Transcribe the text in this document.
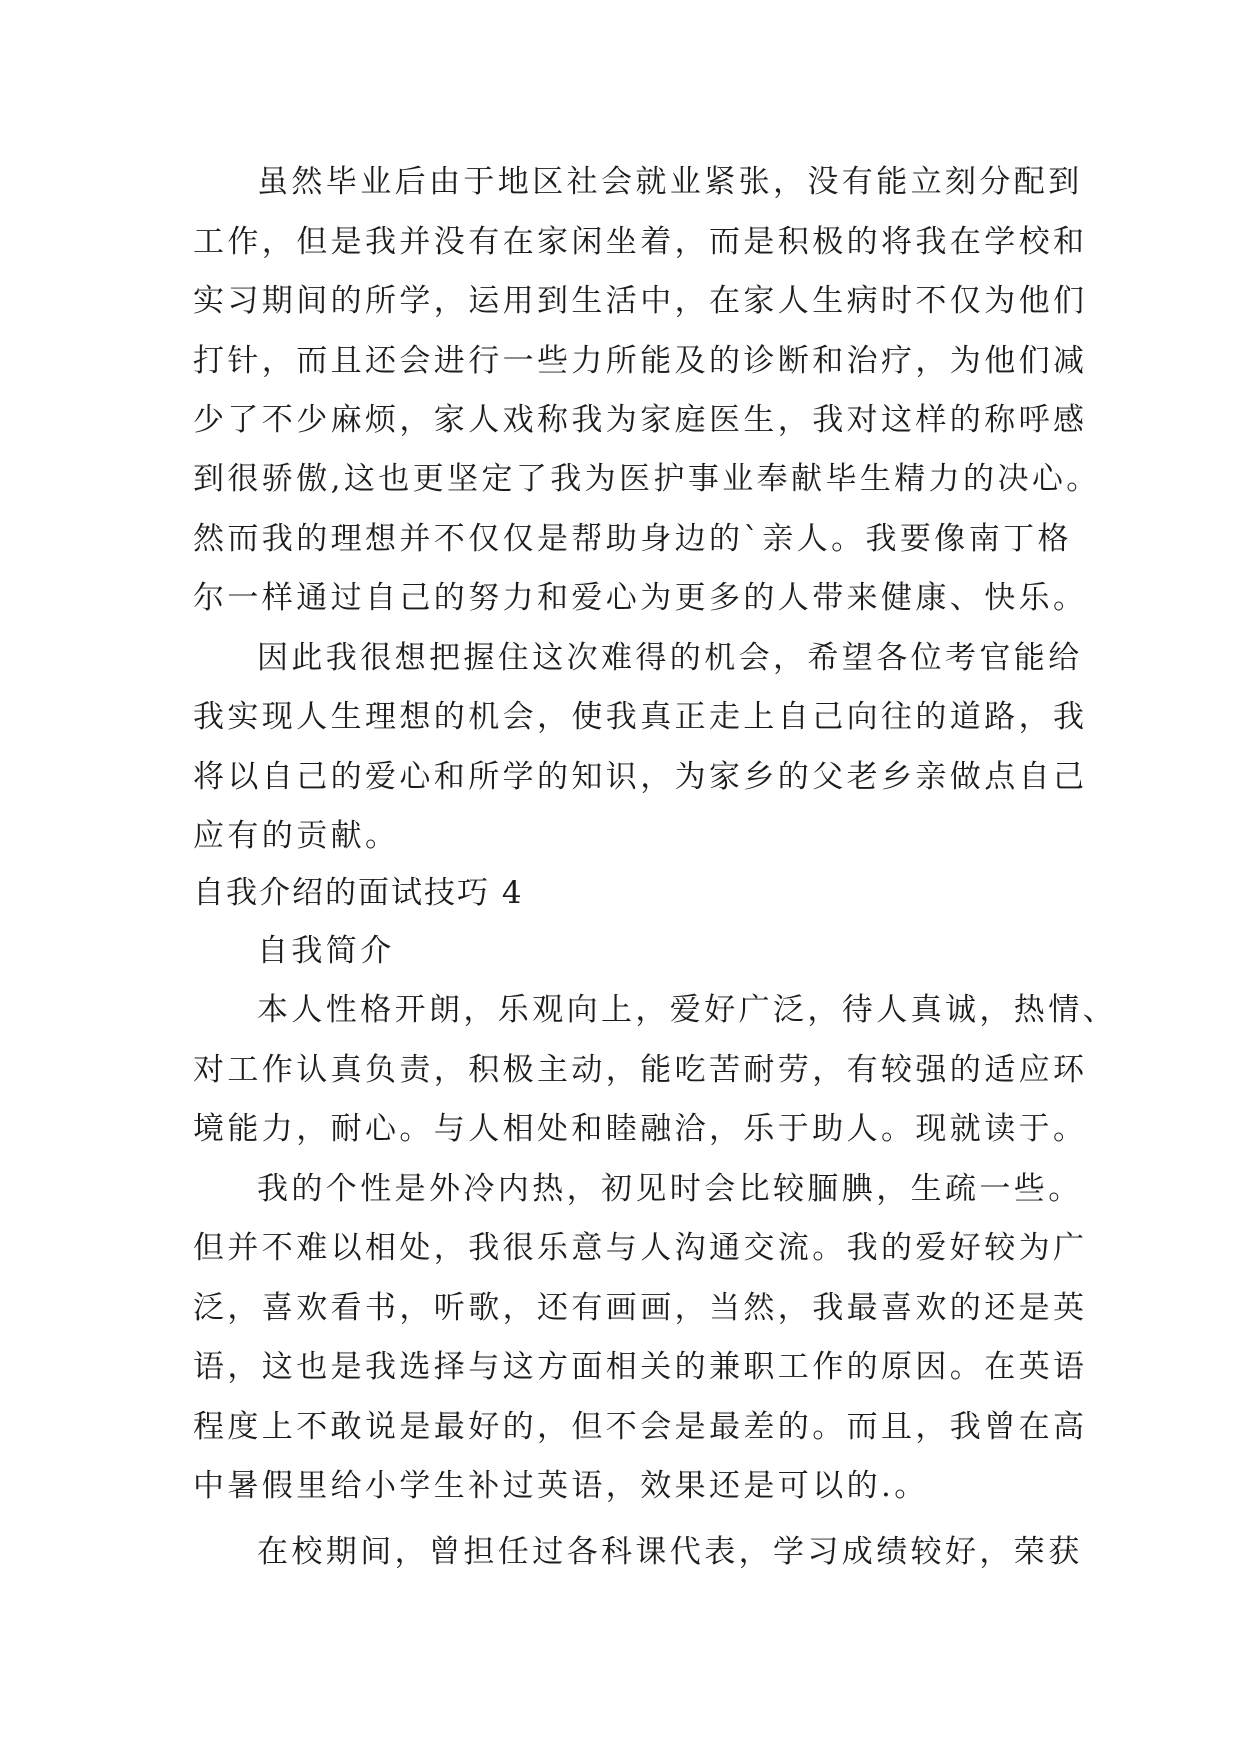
虽然毕业后由于地区社会就业紧张，没有能立刻分配到
工作，但是我并没有在家闲坐着，而是积极的将我在学校和
实习期间的所学，运用到生活中，在家人生病时不仅为他们
打针，而且还会进行一些力所能及的诊断和治疗，为他们减
少了不少麻烦，家人戏称我为家庭医生，我对这样的称呼感
到很骄傲,这也更坚定了我为医护事业奉献毕生精力的决心。
然而我的理想并不仅仅是帮助身边的`亲人。我要像南丁格
尔一样通过自己的努力和爱心为更多的人带来健康、快乐。
因此我很想把握住这次难得的机会，希望各位考官能给
我实现人生理想的机会，使我真正走上自己向往的道路，我
将以自己的爱心和所学的知识，为家乡的父老乡亲做点自己
应有的贡献。
自我介绍的面试技巧 4
自我简介
本人性格开朗，乐观向上，爱好广泛，待人真诚，热情、
对工作认真负责，积极主动，能吃苦耐劳，有较强的适应环
境能力，耐心。与人相处和睦融洽，乐于助人。现就读于。
我的个性是外冷内热，初见时会比较腼腆，生疏一些。
但并不难以相处，我很乐意与人沟通交流。我的爱好较为广
泛，喜欢看书，听歌，还有画画，当然，我最喜欢的还是英
语，这也是我选择与这方面相关的兼职工作的原因。在英语
程度上不敢说是最好的，但不会是最差的。而且，我曾在高
中暑假里给小学生补过英语，效果还是可以的.。
在校期间，曾担任过各科课代表，学习成绩较好，荣获
